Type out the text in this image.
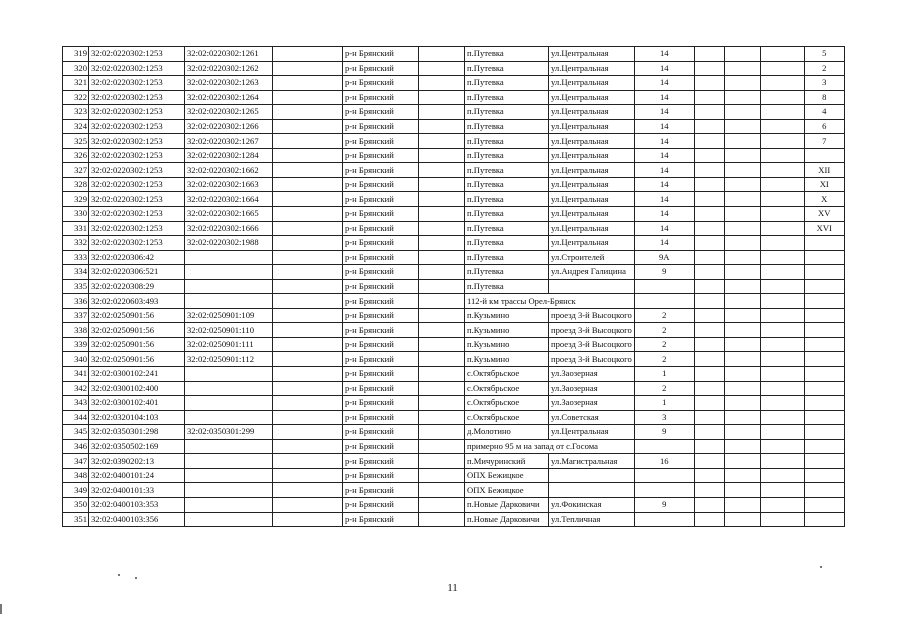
319	32:02:0220302:1253	32:02:0220302:1261		р-н Брянский		п.Путевка	ул.Центральная	14				5
320	32:02:0220302:1253	32:02:0220302:1262		р-н Брянский		п.Путевка	ул.Центральная	14				2
321	32:02:0220302:1253	32:02:0220302:1263		р-н Брянский		п.Путевка	ул.Центральная	14				3
322	32:02:0220302:1253	32:02:0220302:1264		р-н Брянский		п.Путевка	ул.Центральная	14				8
323	32:02:0220302:1253	32:02:0220302:1265		р-н Брянский		п.Путевка	ул.Центральная	14				4
324	32:02:0220302:1253	32:02:0220302:1266		р-н Брянский		п.Путевка	ул.Центральная	14				6
325	32:02:0220302:1253	32:02:0220302:1267		р-н Брянский		п.Путевка	ул.Центральная	14				7
326	32:02:0220302:1253	32:02:0220302:1284		р-н Брянский		п.Путевка	ул.Центральная	14				
327	32:02:0220302:1253	32:02:0220302:1662		р-н Брянский		п.Путевка	ул.Центральная	14				XII
328	32:02:0220302:1253	32:02:0220302:1663		р-н Брянский		п.Путевка	ул.Центральная	14				XI
329	32:02:0220302:1253	32:02:0220302:1664		р-н Брянский		п.Путевка	ул.Центральная	14				X
330	32:02:0220302:1253	32:02:0220302:1665		р-н Брянский		п.Путевка	ул.Центральная	14				XV
331	32:02:0220302:1253	32:02:0220302:1666		р-н Брянский		п.Путевка	ул.Центральная	14				XVI
332	32:02:0220302:1253	32:02:0220302:1988		р-н Брянский		п.Путевка	ул.Центральная	14				
333	32:02:0220306:42			р-н Брянский		п.Путевка	ул.Строителей	9А				
334	32:02:0220306:521			р-н Брянский		п.Путевка	ул.Андрея Галицина	9				
335	32:02:0220308:29			р-н Брянский		п.Путевка						
336	32:02:0220603:493			р-н Брянский		112-й км трассы Орел-Брянск						
337	32:02:0250901:56	32:02:0250901:109		р-н Брянский		п.Кузьмино	проезд 3-й Высоцкого	2				
338	32:02:0250901:56	32:02:0250901:110		р-н Брянский		п.Кузьмино	проезд 3-й Высоцкого	2				
339	32:02:0250901:56	32:02:0250901:111		р-н Брянский		п.Кузьмино	проезд 3-й Высоцкого	2				
340	32:02:0250901:56	32:02:0250901:112		р-н Брянский		п.Кузьмино	проезд 3-й Высоцкого	2				
341	32:02:0300102:241			р-н Брянский		с.Октябрьское	ул.Заозерная	1				
342	32:02:0300102:400			р-н Брянский		с.Октябрьское	ул.Заозерная	2				
343	32:02:0300102:401			р-н Брянский		с.Октябрьское	ул.Заозерная	1				
344	32:02:0320104:103			р-н Брянский		с.Октябрьское	ул.Советская	3				
345	32:02:0350301:298	32:02:0350301:299		р-н Брянский		д.Молотино	ул.Центральная	9				
346	32:02:0350502:169			р-н Брянский		примерно 95 м на запад от с.Госома						
347	32:02:0390202:13			р-н Брянский		п.Мичуринский	ул.Магистральная	16				
348	32:02:0400101:24			р-н Брянский		ОПХ Бежицкое						
349	32:02:0400101:33			р-н Брянский		ОПХ Бежицкое						
350	32:02:0400103:353			р-н Брянский		п.Новые Дарковичи	ул.Фокинская	9				
351	32:02:0400103:356			р-н Брянский		п.Новые Дарковичи	ул.Тепличная					
11
